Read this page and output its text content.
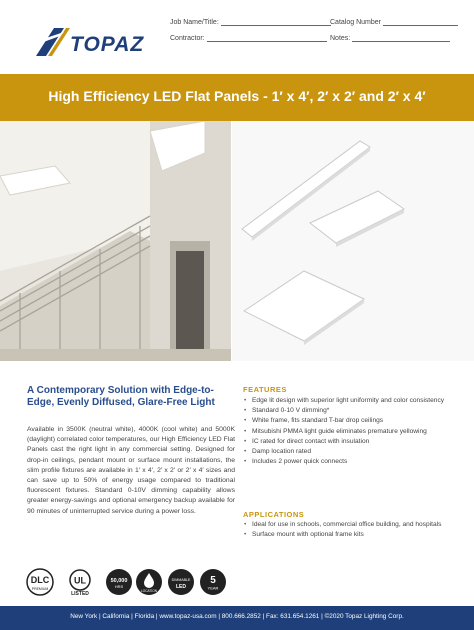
TOPAZ
Job Name/Title:	Catalog Number
Contractor:	Notes:
High Efficiency LED Flat Panels - 1′ x 4′, 2′ x 2′ and 2′ x 4′
A Contemporary Solution with Edge-to-Edge, Evenly Diffused, Glare-Free Light
Available in 3500K (neutral white), 4000K (cool white) and 5000K (daylight) correlated color temperatures, our High Efficiency LED Flat Panels cast the right light in any commercial setting. Designed for drop-in ceilings, pendant mount or surface mount installations, the slim profile fixtures are available in 1′ x 4′, 2′ x 2′ or 2′ x 4′ sizes and can save up to 50% of energy usage compared to traditional fluorescent fixtures. Standard 0-10V dimming capability allows greater energy-savings and optional emergency backup available for 90 minutes of uninterrupted service during a power loss.
FEATURES
• Edge lit design with superior light uniformity and color consistency
• Standard 0-10 V dimming*
• White frame, fits standard T-bar drop ceilings
• Mitsubishi PMMA light guide eliminates premature yellowing
• IC rated for direct contact with insulation
• Damp location rated
• Includes 2 power quick connects
APPLICATIONS
• Ideal for use in schools, commercial office building, and hospitals
• Surface mount with optional frame kits
DLC
PREMIUM
UL
LISTED
50,000
HRS
LOCATION
DIMMABLE
LED
5
YEAR
New York | California | Florida | www.topaz-usa.com | 800.666.2852 | Fax: 631.654.1261 | ©2020 Topaz Lighting Corp.
